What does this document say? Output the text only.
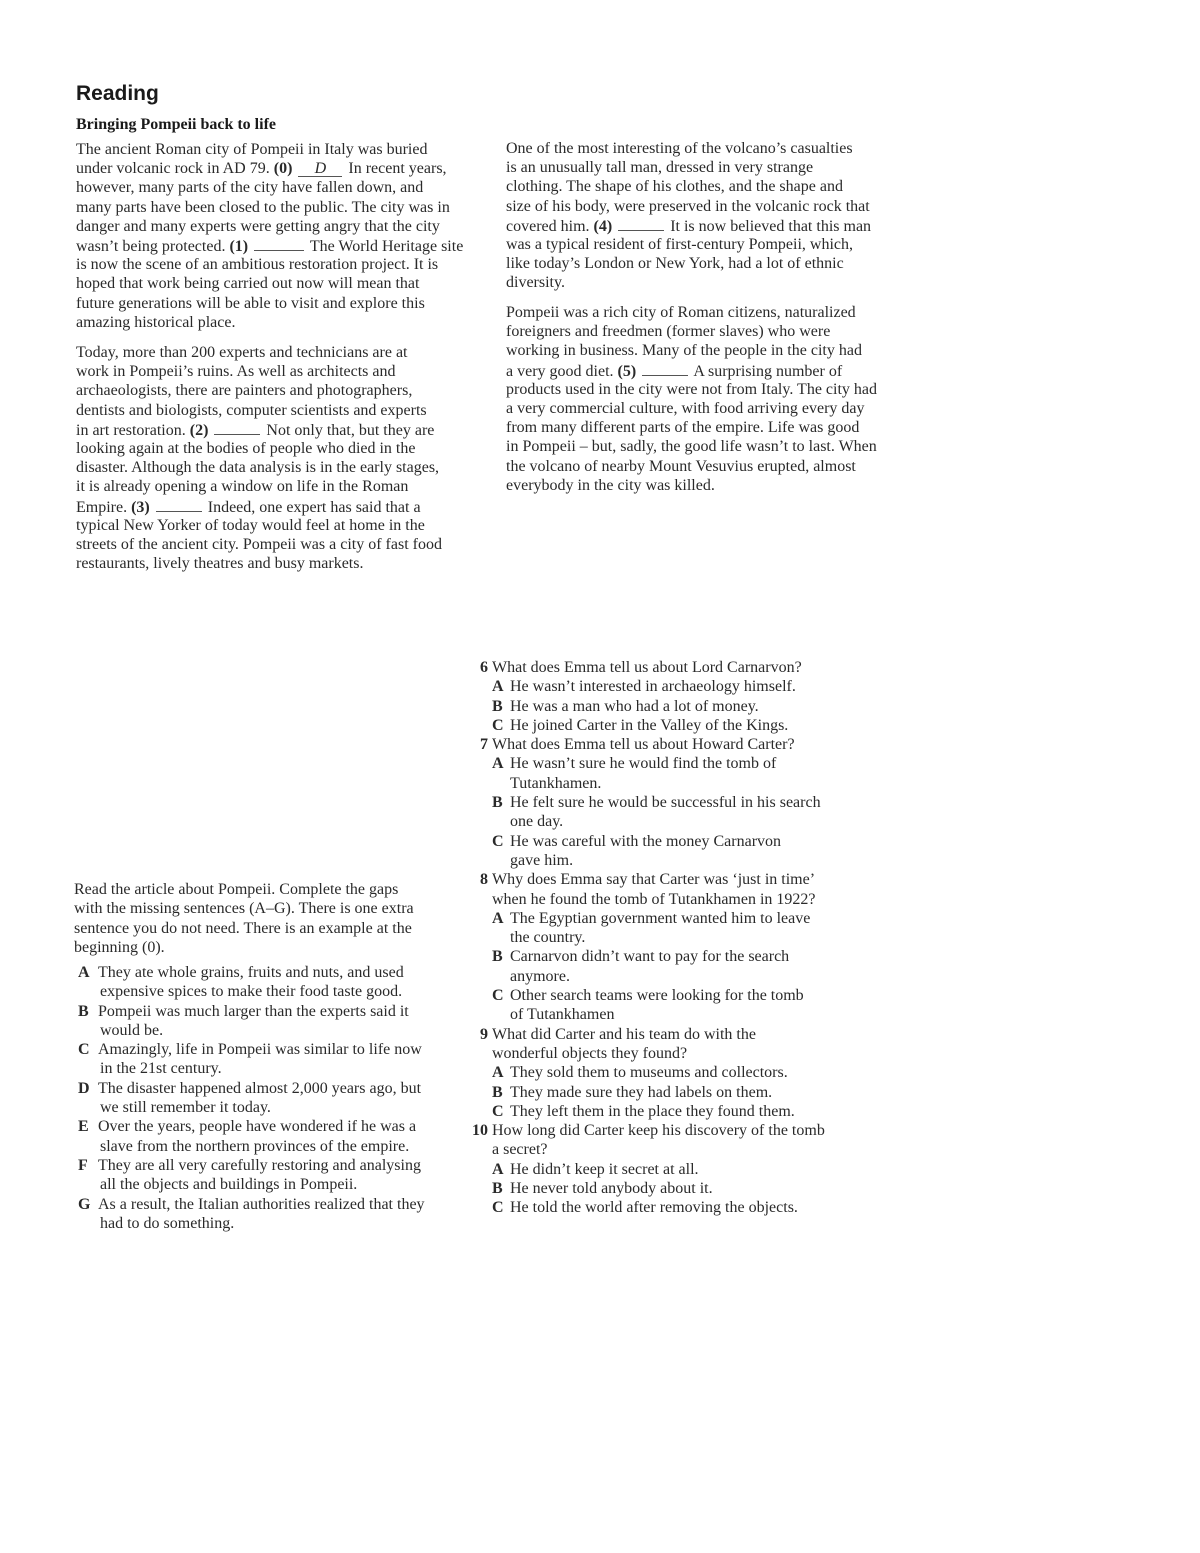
Reading
Bringing Pompeii back to life
The ancient Roman city of Pompeii in Italy was buried
under volcanic rock in AD 79. (0) D In recent years,
however, many parts of the city have fallen down, and
many parts have been closed to the public. The city was in
danger and many experts were getting angry that the city
wasn’t being protected. (1)	The World Heritage site
is now the scene of an ambitious restoration project. It is
hoped that work being carried out now will mean that
future generations will be able to visit and explore this
amazing historical place.
Today, more than 200 experts and technicians are at
work in Pompeii’s ruins. As well as architects and
archaeologists, there are painters and photographers,
dentists and biologists, computer scientists and experts
in art restoration. (2)	Not only that, but they are
looking again at the bodies of people who died in the
disaster. Although the data analysis is in the early stages,
it is already opening a window on life in the Roman
Empire. (3)	Indeed, one expert has said that a
typical New Yorker of today would feel at home in the
streets of the ancient city. Pompeii was a city of fast food
restaurants, lively theatres and busy markets.
One of the most interesting of the volcano’s casualties
is an unusually tall man, dressed in very strange
clothing. The shape of his clothes, and the shape and
size of his body, were preserved in the volcanic rock that
covered him. (4)	It is now believed that this man
was a typical resident of first-century Pompeii, which,
like today’s London or New York, had a lot of ethnic
diversity.
Pompeii was a rich city of Roman citizens, naturalized
foreigners and freedmen (former slaves) who were
working in business. Many of the people in the city had
a very good diet. (5)	A surprising number of
products used in the city were not from Italy. The city had
a very commercial culture, with food arriving every day
from many different parts of the empire. Life was good
in Pompeii – but, sadly, the good life wasn’t to last. When
the volcano of nearby Mount Vesuvius erupted, almost
everybody in the city was killed.
Read the article about Pompeii. Complete the gaps
with the missing sentences (A–G). There is one extra
sentence you do not need. There is an example at the
beginning (0).
A They ate whole grains, fruits and nuts, and used
expensive spices to make their food taste good.
B Pompeii was much larger than the experts said it
would be.
C Amazingly, life in Pompeii was similar to life now
in the 21st century.
D The disaster happened almost 2,000 years ago, but
we still remember it today.
E Over the years, people have wondered if he was a
slave from the northern provinces of the empire.
F They are all very carefully restoring and analysing
all the objects and buildings in Pompeii.
G As a result, the Italian authorities realized that they
had to do something.
6 What does Emma tell us about Lord Carnarvon?
A He wasn’t interested in archaeology himself.
B He was a man who had a lot of money.
C He joined Carter in the Valley of the Kings.
7 What does Emma tell us about Howard Carter?
A He wasn’t sure he would find the tomb of
Tutankhamen.
B He felt sure he would be successful in his search
one day.
C He was careful with the money Carnarvon
gave him.
8 Why does Emma say that Carter was ‘just in time’
when he found the tomb of Tutankhamen in 1922?
A The Egyptian government wanted him to leave
the country.
B Carnarvon didn’t want to pay for the search
anymore.
C Other search teams were looking for the tomb
of Tutankhamen
9 What did Carter and his team do with the
wonderful objects they found?
A They sold them to museums and collectors.
B They made sure they had labels on them.
C They left them in the place they found them.
10 How long did Carter keep his discovery of the tomb
a secret?
A He didn’t keep it secret at all.
B He never told anybody about it.
C He told the world after removing the objects.
